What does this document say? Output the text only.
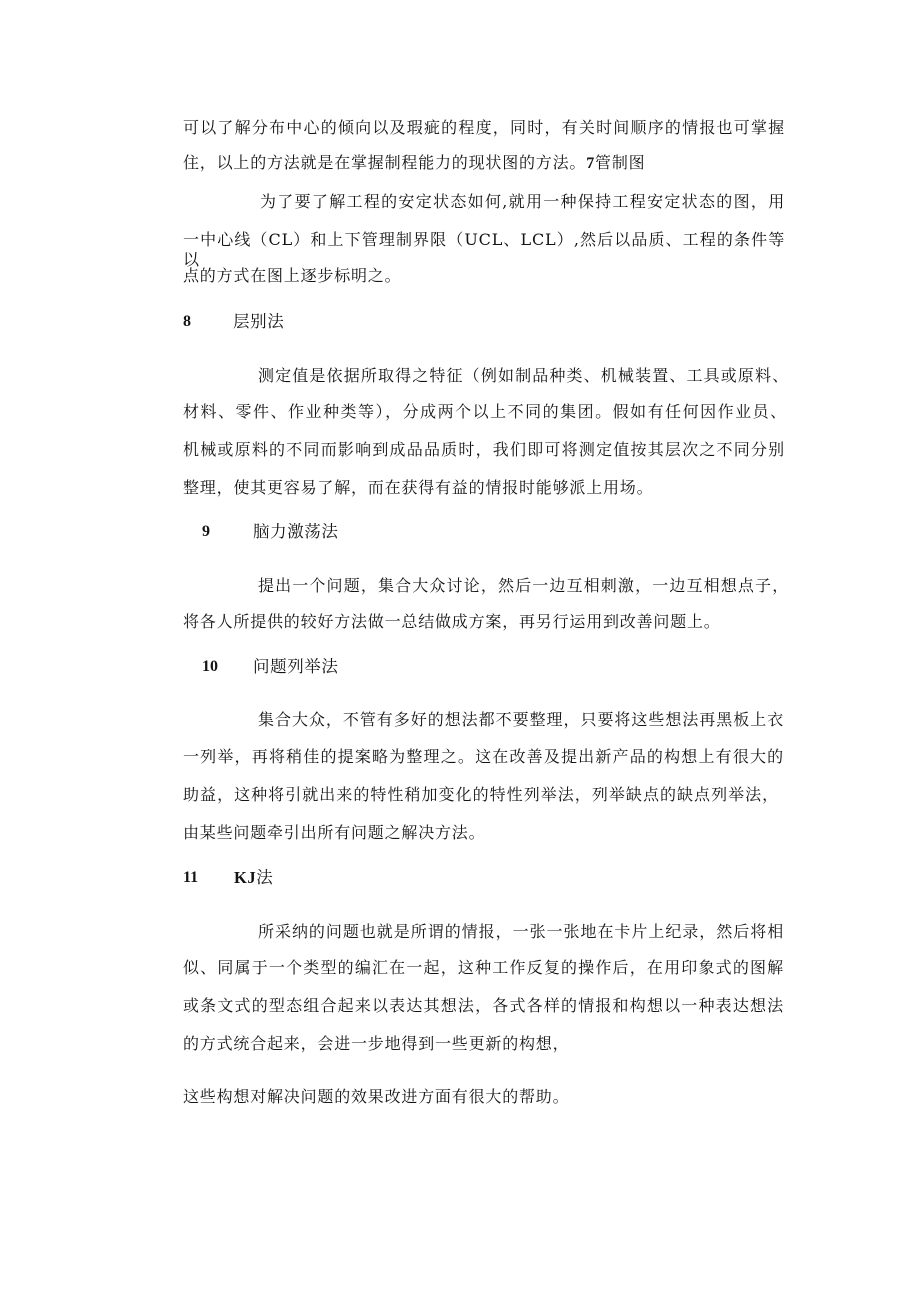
可以了解分布中心的倾向以及瑕疵的程度，同时，有关时间顺序的情报也可掌握
住，以上的方法就是在掌握制程能力的现状图的方法。7管制图
为了要了解工程的安定状态如何,就用一种保持工程安定状态的图，用
一中心线（CL）和上下管理制界限（UCL、LCL）,然后以品质、工程的条件等以
点的方式在图上逐步标明之。
8	层别法
测定值是依据所取得之特征（例如制品种类、机械装置、工具或原料、
材料、零件、作业种类等），分成两个以上不同的集团。假如有任何因作业员、
机械或原料的不同而影响到成品品质时，我们即可将测定值按其层次之不同分别
整理，使其更容易了解，而在获得有益的情报时能够派上用场。
9	脑力激荡法
提出一个问题，集合大众讨论，然后一边互相刺激，一边互相想点子，
将各人所提供的较好方法做一总结做成方案，再另行运用到改善问题上。
10 问题列举法
集合大众，不管有多好的想法都不要整理，只要将这些想法再黑板上衣
一列举，再将稍佳的提案略为整理之。这在改善及提出新产品的构想上有很大的
助益，这种将引就出来的特性稍加变化的特性列举法，列举缺点的缺点列举法，
由某些问题牵引出所有问题之解决方法。
11 KJ法
所采纳的问题也就是所谓的情报，一张一张地在卡片上纪录，然后将相
似、同属于一个类型的编汇在一起，这种工作反复的操作后，在用印象式的图解
或条文式的型态组合起来以表达其想法，各式各样的情报和构想以一种表达想法
的方式统合起来，会进一步地得到一些更新的构想，
这些构想对解决问题的效果改进方面有很大的帮助。
